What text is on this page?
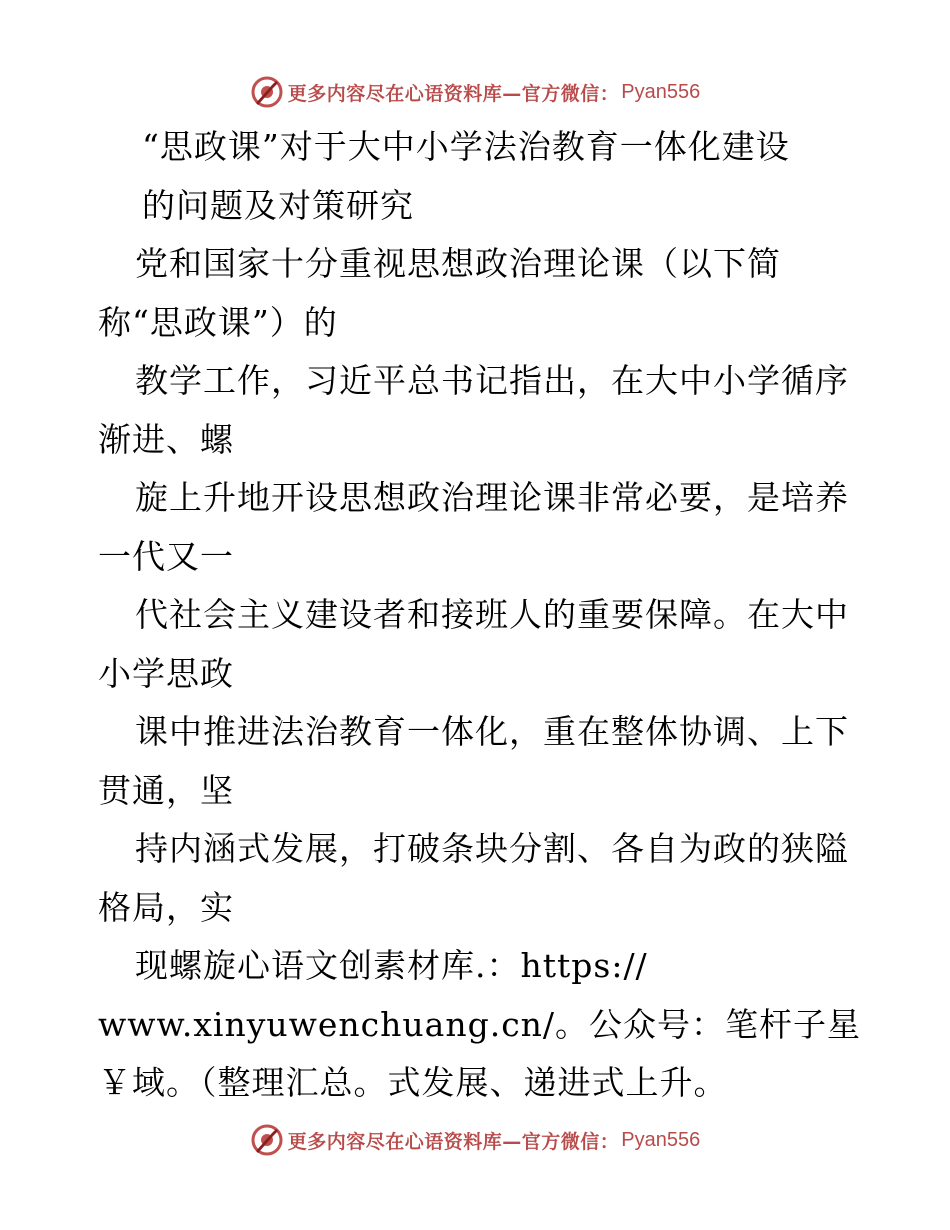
更多内容尽在心语资料库—官方微信： Pyan556
“思政课”对于大中小学法治教育一体化建设
的问题及对策研究
党和国家十分重视思想政治理论课（以下简
称“思政课”）的
教学工作，习近平总书记指出，在大中小学循序
渐进、螺
旋上升地开设思想政治理论课非常必要，是培养
一代又一
代社会主义建设者和接班人的重要保障。在大中
小学思政
课中推进法治教育一体化，重在整体协调、上下
贯通，坚
持内涵式发展，打破条块分割、各自为政的狭隘
格局，实
现螺旋心语文创素材库.：https://
www.xinyuwenchuang.cn/。公众号：笔杆子星
￥域。（整理汇总。式发展、递进式上升。
更多内容尽在心语资料库—官方微信： Pyan556
